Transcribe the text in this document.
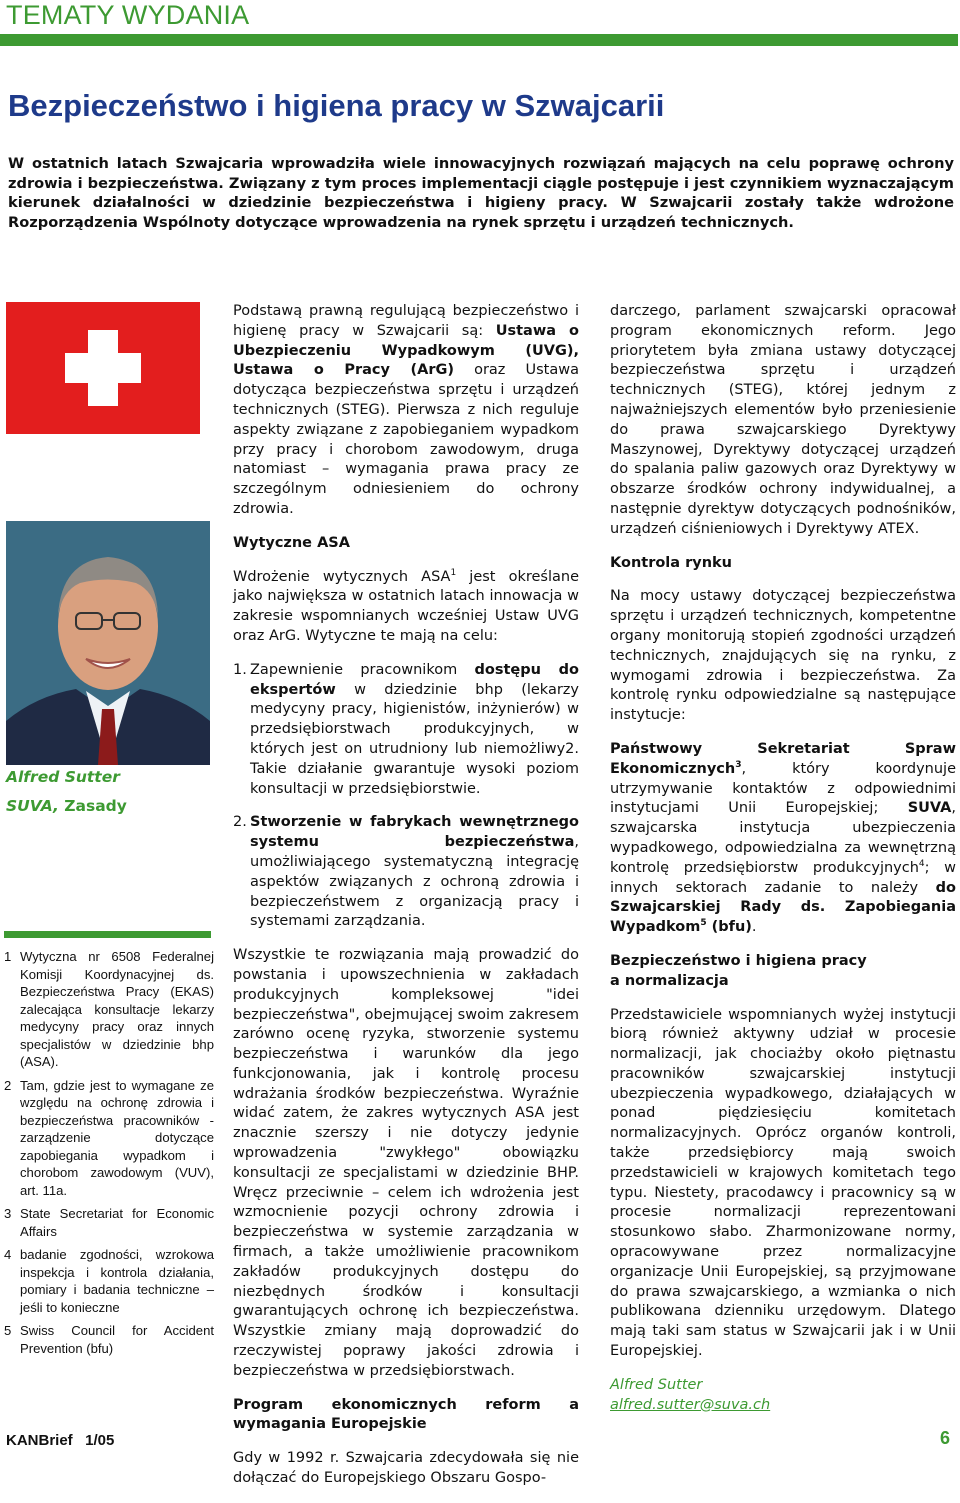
TEMATY WYDANIA
Bezpieczeństwo i higiena pracy w Szwajcarii
W ostatnich latach Szwajcaria wprowadziła wiele innowacyjnych rozwiązań mających na celu poprawę ochrony zdrowia i bezpieczeństwa. Związany z tym proces implementacji ciągle postępuje i jest czynnikiem wyznaczającym kierunek działalności w dziedzinie bezpieczeństwa i higieny pracy. W Szwajcarii zostały także wdrożone Rozporządzenia Wspólnoty dotyczące wprowadzenia na rynek sprzętu i urządzeń technicznych.
Alfred Sutter
SUVA, Zasady
1 Wytyczna nr 6508 Federalnej Komisji Koordynacyjnej ds. Bezpieczeństwa Pracy (EKAS) zalecająca konsultacje lekarzy medycyny pracy oraz innych specjalistów w dziedzinie bhp (ASA).
2 Tam, gdzie jest to wymagane ze względu na ochronę zdrowia i bezpieczeństwa pracowników - zarządzenie dotyczące zapobiegania wypadkom i chorobom zawodowym (VUV), art. 11a.
3 State Secretariat for Economic Affairs
4 badanie zgodności, wzrokowa inspekcja i kontrola działania, pomiary i badania techniczne – jeśli to konieczne
5 Swiss Council for Accident Prevention (bfu)

Podstawą prawną regulującą bezpieczeństwo i higienę pracy w Szwajcarii są: Ustawa o Ubezpieczeniu Wypadkowym (UVG), Ustawa o Pracy (ArG) oraz Ustawa dotycząca bezpieczeństwa sprzętu i urządzeń technicznych (STEG). Pierwsza z nich reguluje aspekty związane z zapobieganiem wypadkom przy pracy i chorobom zawodowym, druga natomiast – wymagania prawa pracy ze szczególnym odniesieniem do ochrony zdrowia.

Wytyczne ASA

Wdrożenie wytycznych ASA$^1$ jest określane jako największa w ostatnich latach innowacja w zakresie wspomnianych wcześniej Ustaw UVG oraz ArG. Wytyczne te mają na celu:

1. Zapewnienie pracownikom dostępu do ekspertów w dziedzinie bhp (lekarzy medycyny pracy, higienistów, inżynierów) w przedsiębiorstwach produkcyjnych, w których jest on utrudniony lub niemożliwy2. Takie działanie gwarantuje wysoki poziom konsultacji w przedsiębiorstwie.
2. Stworzenie w fabrykach wewnętrznego systemu bezpieczeństwa, umożliwiającego systematyczną integrację aspektów związanych z ochroną zdrowia i bezpieczeństwem z organizacją pracy i systemami zarządzania.

Wszystkie te rozwiązania mają prowadzić do powstania i upowszechnienia w zakładach produkcyjnych kompleksowej "idei bezpieczeństwa", obejmującej swoim zakresem zarówno ocenę ryzyka, stworzenie systemu bezpieczeństwa i warunków dla jego funkcjonowania, jak i kontrolę procesu wdrażania środków bezpieczeństwa. Wyraźnie widać zatem, że zakres wytycznych ASA jest znacznie szerszy i nie dotyczy jedynie wprowadzenia "zwykłego" obowiązku konsultacji ze specjalistami w dziedzinie BHP. Wręcz przeciwnie – celem ich wdrożenia jest wzmocnienie pozycji ochrony zdrowia i bezpieczeństwa w systemie zarządzania w firmach, a także umożliwienie pracownikom zakładów produkcyjnych dostępu do niezbędnych środków i konsultacji gwarantujących ochronę ich bezpieczeństwa. Wszystkie zmiany mają doprowadzić do rzeczywistej poprawy jakości zdrowia i bezpieczeństwa w przedsiębiorstwach.

Program ekonomicznych reform a wymagania Europejskie

Gdy w 1992 r. Szwajcaria zdecydowała się nie dołączać do Europejskiego Obszaru Gospo-

darczego, parlament szwajcarski opracował program ekonomicznych reform. Jego priorytetem była zmiana ustawy dotyczącej bezpieczeństwa sprzętu i urządzeń technicznych (STEG), której jednym z najważniejszych elementów było przeniesienie do prawa szwajcarskiego Dyrektywy Maszynowej, Dyrektywy dotyczącej urządzeń do spalania paliw gazowych oraz Dyrektywy w obszarze środków ochrony indywidualnej, a następnie dyrektyw dotyczących podnośników, urządzeń ciśnieniowych i Dyrektywy ATEX.

Kontrola rynku

Na mocy ustawy dotyczącej bezpieczeństwa sprzętu i urządzeń technicznych, kompetentne organy monitorują stopień zgodności urządzeń technicznych, znajdujących się na rynku, z wymogami zdrowia i bezpieczeństwa. Za kontrolę rynku odpowiedzialne są następujące instytucje:

Państwowy Sekretariat Spraw Ekonomicznych$^3$, który koordynuje utrzymywanie kontaktów z odpowiednimi instytucjami Unii Europejskiej; SUVA, szwajcarska instytucja ubezpieczenia wypadkowego, odpowiedzialna za wewnętrzną kontrolę przedsiębiorstw produkcyjnych$^4$; w innych sektorach zadanie to należy do Szwajcarskiej Rady ds. Zapobiegania Wypadkom$^5$ (bfu).

Bezpieczeństwo i higiena pracy
a normalizacja

Przedstawiciele wspomnianych wyżej instytucji biorą również aktywny udział w procesie normalizacji, jak chociażby około piętnastu pracowników szwajcarskiej instytucji ubezpieczenia wypadkowego, działających w ponad piędziesięciu komitetach normalizacyjnych. Oprócz organów kontroli, także przedsiębiorcy mają swoich przedstawicieli w krajowych komitetach tego typu. Niestety, pracodawcy i pracownicy są w procesie normalizacji reprezentowani stosunkowo słabo. Zharmonizowane normy, opracowywane przez normalizacyjne organizacje Unii Europejskiej, są przyjmowane do prawa szwajcarskiego, a wzmianka o nich publikowana dzienniku urzędowym. Dlatego mają taki sam status w Szwajcarii jak i w Unii Europejskiej.

Alfred Sutter
alfred.sutter@suva.ch

KANBrief   1/05	6
